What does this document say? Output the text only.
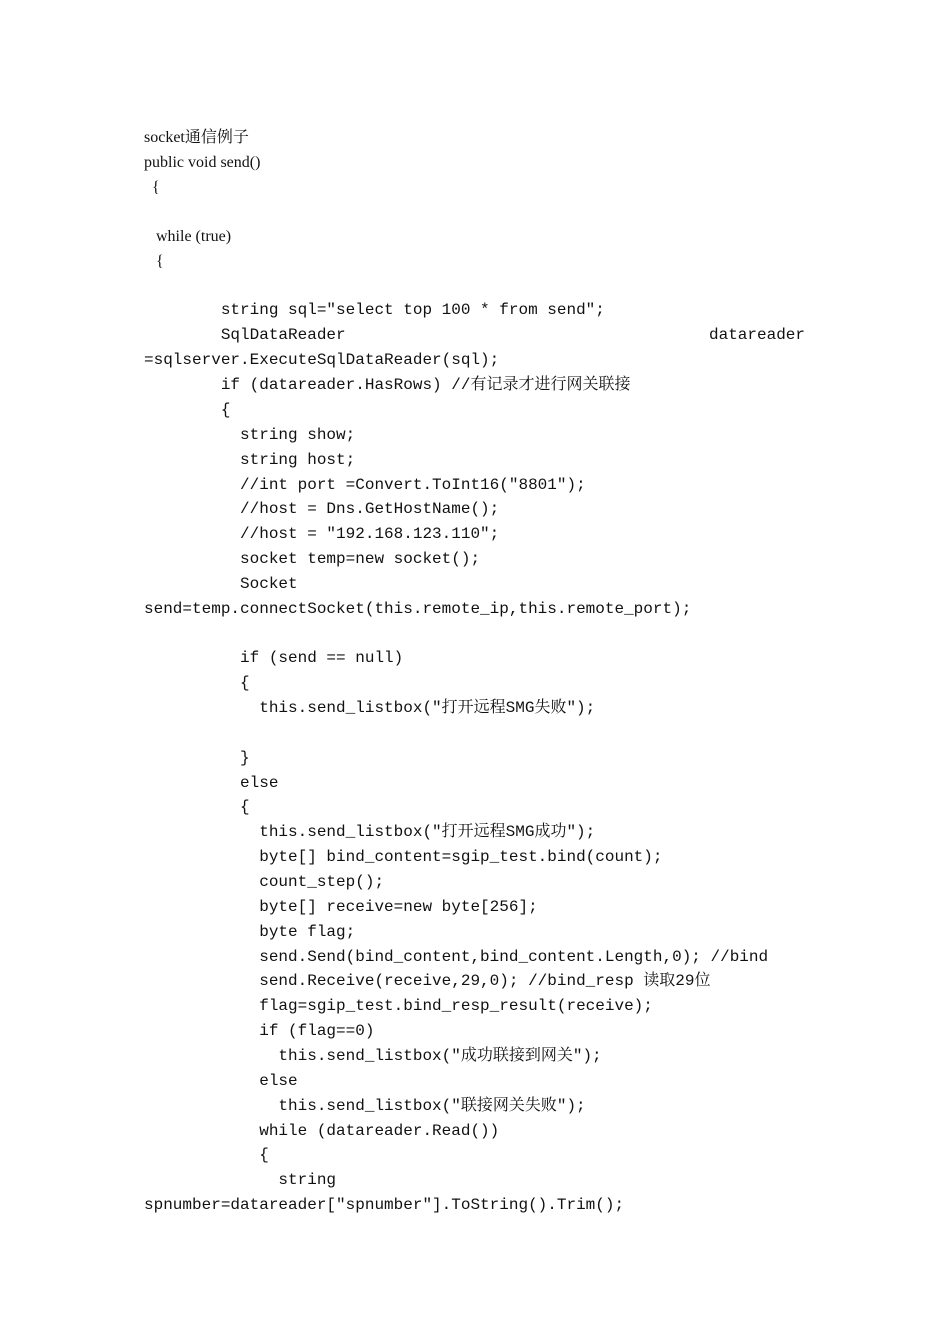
socket通信例子
public void send()
{
while (true)
{
string sql="select top 100 * from send";
SqlDataReader	datareader
=sqlserver.ExecuteSqlDataReader(sql);
if (datareader.HasRows) //有记录才进行网关联接
{
string show;
string host;
//int port =Convert.ToInt16("8801");
//host = Dns.GetHostName();
//host = "192.168.123.110";
socket temp=new socket();
Socket
send=temp.connectSocket(this.remote_ip,this.remote_port);
if (send == null)
{
this.send_listbox("打开远程SMG失败");
}
else
{
this.send_listbox("打开远程SMG成功");
byte[] bind_content=sgip_test.bind(count);
count_step();
byte[] receive=new byte[256];
byte flag;
send.Send(bind_content,bind_content.Length,0); //bind
send.Receive(receive,29,0); //bind_resp 读取29位
flag=sgip_test.bind_resp_result(receive);
if (flag==0)
this.send_listbox("成功联接到网关");
else
this.send_listbox("联接网关失败");
while (datareader.Read())
{
string
spnumber=datareader["spnumber"].ToString().Trim();
